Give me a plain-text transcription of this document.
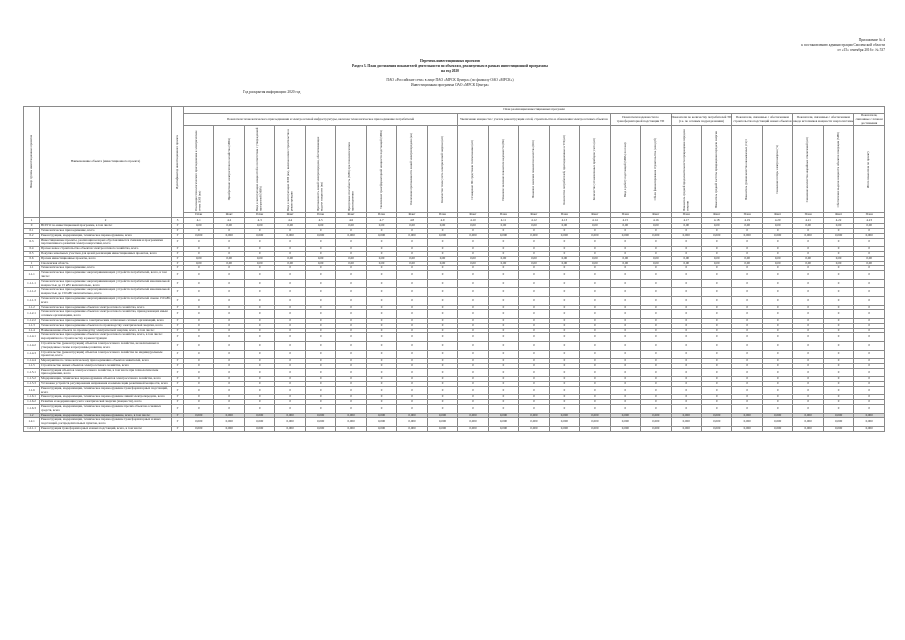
Приложение № 4
к постановлению администрации Смоленской области
от «15» сентября 2016 г. № 537
Перечень инвестиционных проектов
Раздел 3. План достижения показателей деятельности по объектам, реализуемым в рамках инвестиционной программы
на год 2020
ПАО «Российские сети» в лице ПАО «МРСК Центра» (по филиалу ОАО «МРСК»)
Инвестиционная программа ОАО «МРСК Центра»
Год раскрытия информации: 2020 год
Номер группы инвестиционных проектов	Наименование объекта (инвестиционного проекта)	Идентификатор инвестиционного проекта	План реализации инвестиционных программ																						
			Показатели технологического присоединения и электросетевой инфраструктуры, включая технологическое присоединение потребителей									Увеличение мощности с учетом реконструкции сетей, строительства и обновления электросетевых объектов					Показатели надежности по трансформаторной подстанции ТП		Показатели по количеству потребителей ТП (т.е. по сетевым подразделениям)		Показатели, связанные с обеспечением строительства подстанций новых объектов		Показатели, связанные с обеспечением ввода источников мощности энергосистемы		Показатели, связанные с планом достижения

			Реализация технологического присоединения к электрическим сетям ЛЭП (км)	Приобретение электросетевого хозяйства (МВА)	Ввод в эксплуатацию мощностей в соответствии с утвержденной программой (МВА)	Ввод в эксплуатацию ЛЭП (км), включая новое строительство и реконструкцию	Протяженность линий электропередачи, обеспечивающих выдачу мощности (км)	Пропускная способность (МВт) при технологическом присоединении	Увеличение трансформаторной мощности подстанций (МВА)	Увеличение протяженности линий электропередачи (км)	Количество точек учета электрической энергии (шт)	Оснащение ПС средствами телемеханики (шт)	Плановое значение показателя надежности (Пп)	Плановое значение показателя качества (Ктп)	Количество потребителей, присоединенных к ТП (шт)	Количество установленных приборов учета (шт)	Ввод в работу подстанций (МВА) по плану	Объем финансирования строительства (млн руб)	Показатель средней продолжительности прекращения передачи энергии	Показатель средней частоты прекращения передачи энергии	Показатель уровня качества оказываемых услуг	Снижение потерь электроэнергии (%)	Снижение количества аварийных отключений (шт)	Обеспечение выдачи мощности объектов генерации (МВт)	Итого показатели по проекту

			План	Факт	План	Факт	План	Факт	План	Факт	План	Факт	План	Факт	План	Факт	План	Факт	План	Факт	План	Факт	План	Факт	План
1	2	3	4.1	4.2	4.3	4.4	4.5	4.6	4.7	4.8	4.9	4.10	4.11	4.12	4.13	4.14	4.15	4.16	4.17	4.18	4.19	4.20	4.21	4.22	4.23
0	ВСЕГО по инвестиционной программе, в том числе:	Г	0,00	0,00	0,00	0,00	0,00	0,00	0,00	0,00	0,00	0,00	0,00	0,00	0,00	0,00	0,00	0,00	0,00	0,00	0,00	0,00	0,00	0,00	0,00
0.1	Технологическое присоединение, всего	Г	0	0	0	0	0	0	0	0	0	0	0	0	0	0	0	0	0	0	0	0	0	0	0
0.2	Реконструкция, модернизация, техническое перевооружение, всего	Г	0,000	0,000	0,000	0,000	0,000	0,000	0,000	0,000	0,000	0,000	0,000	0,000	0,000	0,000	0,000	0,000	0,000	0,000	0,000	0,000	0,000	0,000	0,000
0.3	Инвестиционные проекты, реализация которых обусловливается схемами и программами перспективного развития электроэнергетики, всего	Г	0	0	0	0	0	0	0	0	0	0	0	0	0	0	0	0	0	0	0	0	0	0	0
0.4	Прочее новое строительство объектов электросетевого хозяйства, всего	Г	0	0	0	0	0	0	0	0	0	0	0	0	0	0	0	0	0	0	0	0	0	0	0
0.5	Покупка земельных участков для целей реализации инвестиционных проектов, всего	Г	0	0	0	0	0	0	0	0	0	0	0	0	0	0	0	0	0	0	0	0	0	0	0
0.6	Прочие инвестиционные проекты, всего	Г	0,00	0,00	0,00	0,00	0,00	0,00	0,00	0,00	0,00	0,00	0,00	0,00	0,00	0,00	0,00	0,00	0,00	0,00	0,00	0,00	0,00	0,00	0,00
1	Смоленская область	Г	0,00	0,00	0,00	0,00	0,00	0,00	0,00	0,00	0,00	0,00	0,00	0,00	0,00	0,00	0,00	0,00	0,00	0,00	0,00	0,00	0,00	0,00	0,00
1.1	Технологическое присоединение, всего	Г	0	0	0	0	0	0	0	0	0	0	0	0	0	0	0	0	0	0	0	0	0	0	0
1.1.1	Технологическое присоединение энергопринимающих устройств потребителей, всего, в том числе:	Г	0	0	0	0	0	0	0	0	0	0	0	0	0	0	0	0	0	0	0	0	0	0	0
1.1.1.1	Технологическое присоединение энергопринимающих устройств потребителей максимальной мощностью до 15 кВт включительно, всего	Г	0	0	0	0	0	0	0	0	0	0	0	0	0	0	0	0	0	0	0	0	0	0	0
1.1.1.2	Технологическое присоединение энергопринимающих устройств потребителей максимальной мощностью до 150 кВт включительно, всего	Г	0	0	0	0	0	0	0	0	0	0	0	0	0	0	0	0	0	0	0	0	0	0	0
1.1.1.3	Технологическое присоединение энергопринимающих устройств потребителей свыше 150 кВт, всего	Г	0	0	0	0	0	0	0	0	0	0	0	0	0	0	0	0	0	0	0	0	0	0	0
1.1.2	Технологическое присоединение объектов электросетевого хозяйства, всего	Г	0	0	0	0	0	0	0	0	0	0	0	0	0	0	0	0	0	0	0	0	0	0	0
1.1.2.1	Технологическое присоединение объектов электросетевого хозяйства, принадлежащих иным сетевым организациям, всего	Г	0	0	0	0	0	0	0	0	0	0	0	0	0	0	0	0	0	0	0	0	0	0	0
1.1.2.2	Технологическое присоединение к электрическим сетям иных сетевых организаций, всего	Г	0	0	0	0	0	0	0	0	0	0	0	0	0	0	0	0	0	0	0	0	0	0	0
1.1.3	Технологическое присоединение объектов по производству электрической энергии, всего	Г	0	0	0	0	0	0	0	0	0	0	0	0	0	0	0	0	0	0	0	0	0	0	0
1.1.4	Наименование объекта по производству электрической энергии, всего, в том числе:	Г	0	0	0	0	0	0	0	0	0	0	0	0	0	0	0	0	0	0	0	0	0	0	0
1.1.4.1	Технологическое присоединение объектов электросетевого хозяйства, всего, в том числе: мероприятия по строительству и реконструкции	Г	0	0	0	0	0	0	0	0	0	0	0	0	0	0	0	0	0	0	0	0	0	0	0
1.1.4.2	Строительство (реконструкция) объектов электросетевого хозяйства, не включенных в утвержденные схемы и программы развития, всего	Г	0	0	0	0	0	0	0	0	0	0	0	0	0	0	0	0	0	0	0	0	0	0	0
1.1.4.3	Строительство (реконструкция) объектов электросетевого хозяйства по индивидуальным проектам, всего	Г	0	0	0	0	0	0	0	0	0	0	0	0	0	0	0	0	0	0	0	0	0	0	0
1.1.4.4	Мероприятия по технологическому присоединению объектов заявителей, всего	Г	0	0	0	0	0	0	0	0	0	0	0	0	0	0	0	0	0	0	0	0	0	0	0
1.1.5	Строительство новых объектов электросетевого хозяйства, всего	Г	0	0	0	0	0	0	0	0	0	0	0	0	0	0	0	0	0	0	0	0	0	0	0
1.1.5.1	Реконструкция объектов электросетевого хозяйства, в том числе при технологическом присоединении, всего	Г	0	0	0	0	0	0	0	0	0	0	0	0	0	0	0	0	0	0	0	0	0	0	0
1.1.5.2	Модернизация, техническое перевооружение объектов электросетевого хозяйства, всего	Г	0	0	0	0	0	0	0	0	0	0	0	0	0	0	0	0	0	0	0	0	0	0	0
1.1.5.3	Установка устройств регулирования напряжения и компенсации реактивной мощности, всего	Г	0	0	0	0	0	0	0	0	0	0	0	0	0	0	0	0	0	0	0	0	0	0	0
1.1.6	Реконструкция, модернизация, техническое перевооружение трансформаторных подстанций, всего	Г	0	0	0	0	0	0	0	0	0	0	0	0	0	0	0	0	0	0	0	0	0	0	0
1.1.6.1	Реконструкция, модернизация, техническое перевооружение линий электропередачи, всего	Г	0	0	0	0	0	0	0	0	0	0	0	0	0	0	0	0	0	0	0	0	0	0	0
1.1.6.2	Развитие и модернизация учета электрической энергии (мощности), всего	Г	0	0	0	0	0	0	0	0	0	0	0	0	0	0	0	0	0	0	0	0	0	0	0
1.1.6.3	Реконструкция, модернизация, техническое перевооружение прочих объектов основных средств, всего	Г	0	0	0	0	0	0	0	0	0	0	0	0	0	0	0	0	0	0	0	0	0	0	0
1.2	Реконструкция, модернизация, техническое перевооружение, всего, в том числе:	Г	0,000	0,000	0,000	0,000	0,000	0,000	0,000	0,000	0,000	0,000	0,000	0,000	0,000	0,000	0,000	0,000	0,000	0,000	0,000	0,000	0,000	0,000	0,000
1.2.1	Реконструкция, модернизация, техническое перевооружение трансформаторных и иных подстанций, распределительных пунктов, всего	Г	0,000	0,000	0,000	0,000	0,000	0,000	0,000	0,000	0,000	0,000	0,000	0,000	0,000	0,000	0,000	0,000	0,000	0,000	0,000	0,000	0,000	0,000	0,000
1.2.1.1	Реконструкция трансформаторных и иных подстанций, всего, в том числе:	Г	0,000	0,000	0,000	0,000	0,000	0,000	0,000	0,000	0,000	0,000	0,000	0,000	0,000	0,000	0,000	0,000	0,000	0,000	0,000	0,000	0,000	0,000	0,000
